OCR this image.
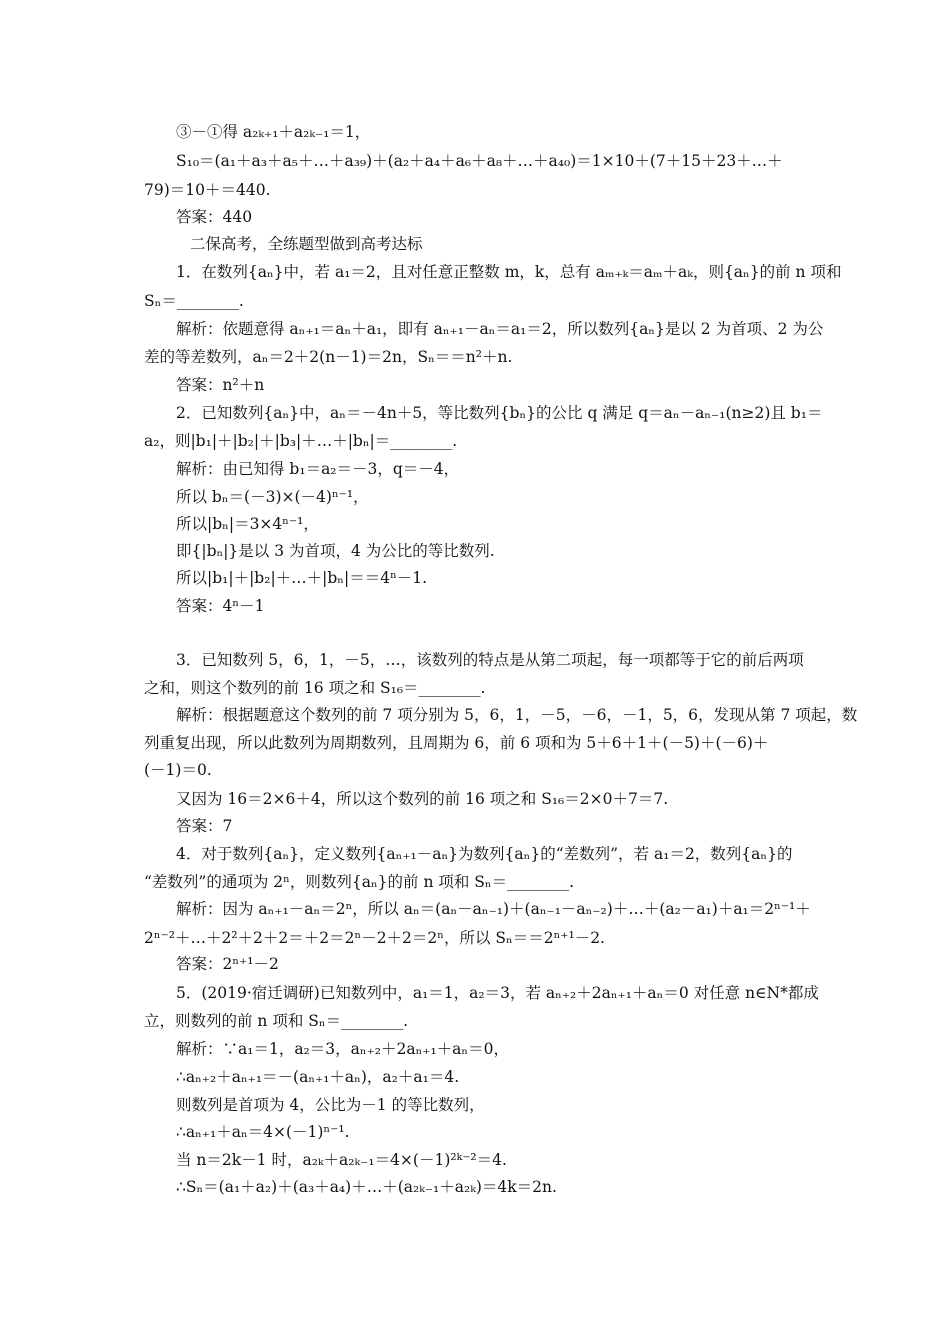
③－①得 a₂ₖ₊₁＋a₂ₖ₋₁＝1，
S₁₀＝(a₁＋a₃＋a₅＋…＋a₃₉)＋(a₂＋a₄＋a₆＋a₈＋…＋a₄₀)＝1×10＋(7＋15＋23＋…＋
79)＝10＋＝440.
答案：440
二保高考，全练题型做到高考达标
1．在数列{aₙ}中，若 a₁＝2，且对任意正整数 m，k，总有 aₘ₊ₖ＝aₘ＋aₖ，则{aₙ}的前 n 项和
Sₙ＝________.
解析：依题意得 aₙ₊₁＝aₙ＋a₁，即有 aₙ₊₁－aₙ＝a₁＝2，所以数列{aₙ}是以 2 为首项、2 为公
差的等差数列，aₙ＝2＋2(n－1)＝2n，Sₙ＝＝n²＋n.
答案：n²＋n
2．已知数列{aₙ}中，aₙ＝－4n＋5，等比数列{bₙ}的公比 q 满足 q＝aₙ－aₙ₋₁(n≥2)且 b₁＝
a₂，则|b₁|＋|b₂|＋|b₃|＋…＋|bₙ|＝________.
解析：由已知得 b₁＝a₂＝－3，q＝－4，
所以 bₙ＝(－3)×(－4)ⁿ⁻¹，
所以|bₙ|＝3×4ⁿ⁻¹，
即{|bₙ|}是以 3 为首项，4 为公比的等比数列.
所以|b₁|＋|b₂|＋…＋|bₙ|＝＝4ⁿ－1.
答案：4ⁿ－1
3．已知数列 5，6，1，－5，…，该数列的特点是从第二项起，每一项都等于它的前后两项
之和，则这个数列的前 16 项之和 S₁₆＝________.
解析：根据题意这个数列的前 7 项分别为 5，6，1，－5，－6，－1，5，6，发现从第 7 项起，数
列重复出现，所以此数列为周期数列，且周期为 6，前 6 项和为 5＋6＋1＋(－5)＋(－6)＋
(－1)＝0.
又因为 16＝2×6＋4，所以这个数列的前 16 项之和 S₁₆＝2×0＋7＝7.
答案：7
4．对于数列{aₙ}，定义数列{aₙ₊₁－aₙ}为数列{aₙ}的“差数列”，若 a₁＝2，数列{aₙ}的
“差数列”的通项为 2ⁿ，则数列{aₙ}的前 n 项和 Sₙ＝________.
解析：因为 aₙ₊₁－aₙ＝2ⁿ，所以 aₙ＝(aₙ－aₙ₋₁)＋(aₙ₋₁－aₙ₋₂)＋…＋(a₂－a₁)＋a₁＝2ⁿ⁻¹＋
2ⁿ⁻²＋…＋2²＋2＋2＝＋2＝2ⁿ－2＋2＝2ⁿ，所以 Sₙ＝＝2ⁿ⁺¹－2.
答案：2ⁿ⁺¹－2
5．(2019·宿迁调研)已知数列中，a₁＝1，a₂＝3，若 aₙ₊₂＋2aₙ₊₁＋aₙ＝0 对任意 n∈N*都成
立，则数列的前 n 项和 Sₙ＝________.
解析：∵a₁＝1，a₂＝3，aₙ₊₂＋2aₙ₊₁＋aₙ＝0，
∴aₙ₊₂＋aₙ₊₁＝－(aₙ₊₁＋aₙ)，a₂＋a₁＝4.
则数列是首项为 4，公比为－1 的等比数列，
∴aₙ₊₁＋aₙ＝4×(－1)ⁿ⁻¹.
当 n＝2k－1 时，a₂ₖ＋a₂ₖ₋₁＝4×(－1)²ᵏ⁻²＝4.
∴Sₙ＝(a₁＋a₂)＋(a₃＋a₄)＋…＋(a₂ₖ₋₁＋a₂ₖ)＝4k＝2n.
